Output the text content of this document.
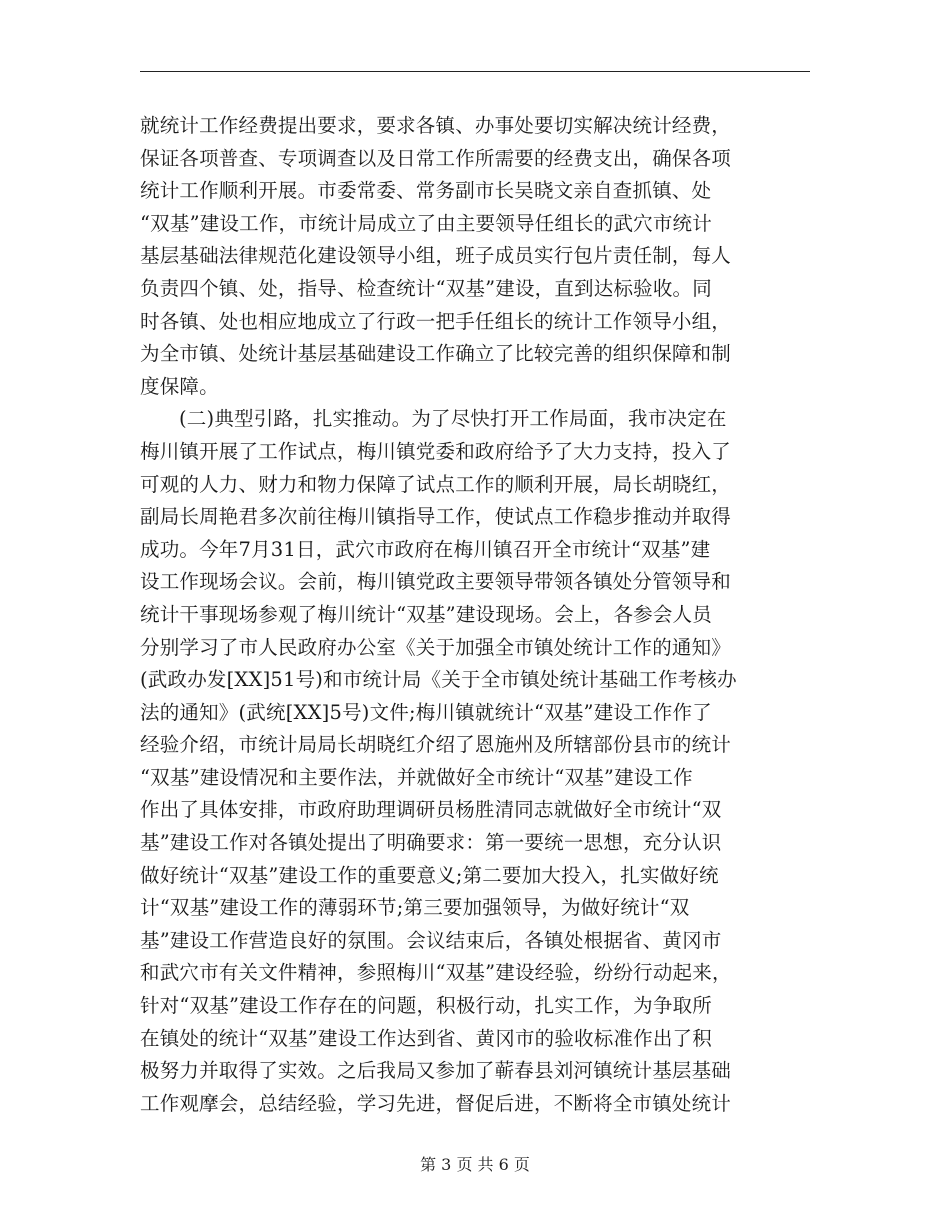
就统计工作经费提出要求，要求各镇、办事处要切实解决统计经费，
保证各项普查、专项调查以及日常工作所需要的经费支出，确保各项
统计工作顺利开展。市委常委、常务副市长吴晓文亲自查抓镇、处
“双基”建设工作，市统计局成立了由主要领导任组长的武穴市统计
基层基础法律规范化建设领导小组，班子成员实行包片责任制，每人
负责四个镇、处，指导、检查统计“双基”建设，直到达标验收。同
时各镇、处也相应地成立了行政一把手任组长的统计工作领导小组，
为全市镇、处统计基层基础建设工作确立了比较完善的组织保障和制
度保障。
(二)典型引路，扎实推动。为了尽快打开工作局面，我市决定在
梅川镇开展了工作试点，梅川镇党委和政府给予了大力支持，投入了
可观的人力、财力和物力保障了试点工作的顺利开展，局长胡晓红，
副局长周艳君多次前往梅川镇指导工作，使试点工作稳步推动并取得
成功。今年7月31日，武穴市政府在梅川镇召开全市统计“双基”建
设工作现场会议。会前，梅川镇党政主要领导带领各镇处分管领导和
统计干事现场参观了梅川统计“双基”建设现场。会上，各参会人员
分别学习了市人民政府办公室《关于加强全市镇处统计工作的通知》
(武政办发[XX]51号)和市统计局《关于全市镇处统计基础工作考核办
法的通知》(武统[XX]5号)文件;梅川镇就统计“双基”建设工作作了
经验介绍，市统计局局长胡晓红介绍了恩施州及所辖部份县市的统计
“双基”建设情况和主要作法，并就做好全市统计“双基”建设工作
作出了具体安排，市政府助理调研员杨胜清同志就做好全市统计“双
基”建设工作对各镇处提出了明确要求：第一要统一思想，充分认识
做好统计“双基”建设工作的重要意义;第二要加大投入，扎实做好统
计“双基”建设工作的薄弱环节;第三要加强领导，为做好统计“双
基”建设工作营造良好的氛围。会议结束后，各镇处根据省、黄冈市
和武穴市有关文件精神，参照梅川“双基”建设经验，纷纷行动起来，
针对“双基”建设工作存在的问题，积极行动，扎实工作，为争取所
在镇处的统计“双基”建设工作达到省、黄冈市的验收标准作出了积
极努力并取得了实效。之后我局又参加了蕲春县刘河镇统计基层基础
工作观摩会，总结经验，学习先进，督促后进，不断将全市镇处统计
第 3 页 共 6 页
